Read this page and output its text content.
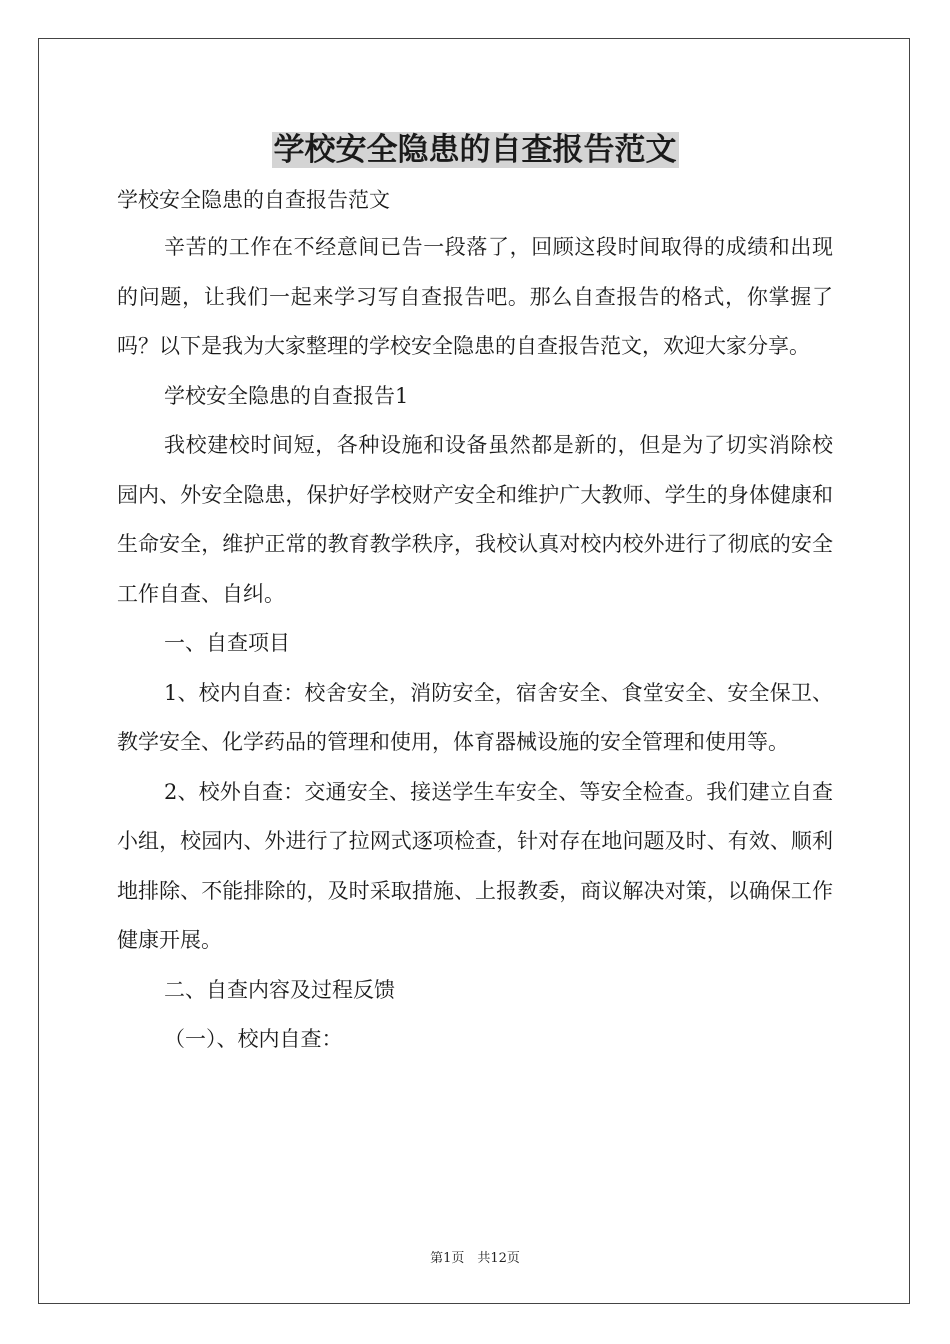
学校安全隐患的自查报告范文

学校安全隐患的自查报告范文

辛苦的工作在不经意间已告一段落了，回顾这段时间取得的成绩和出现的问题，让我们一起来学习写自查报告吧。那么自查报告的格式，你掌握了吗？以下是我为大家整理的学校安全隐患的自查报告范文，欢迎大家分享。

学校安全隐患的自查报告1

我校建校时间短，各种设施和设备虽然都是新的，但是为了切实消除校园内、外安全隐患，保护好学校财产安全和维护广大教师、学生的身体健康和生命安全，维护正常的教育教学秩序，我校认真对校内校外进行了彻底的安全工作自查、自纠。

一、自查项目

1、校内自查：校舍安全，消防安全，宿舍安全、食堂安全、安全保卫、教学安全、化学药品的管理和使用，体育器械设施的安全管理和使用等。

2、校外自查：交通安全、接送学生车安全、等安全检查。我们建立自查小组，校园内、外进行了拉网式逐项检查，针对存在地问题及时、有效、顺利地排除、不能排除的，及时采取措施、上报教委，商议解决对策，以确保工作健康开展。

二、自查内容及过程反馈

（一）、校内自查：

第1页　共12页
